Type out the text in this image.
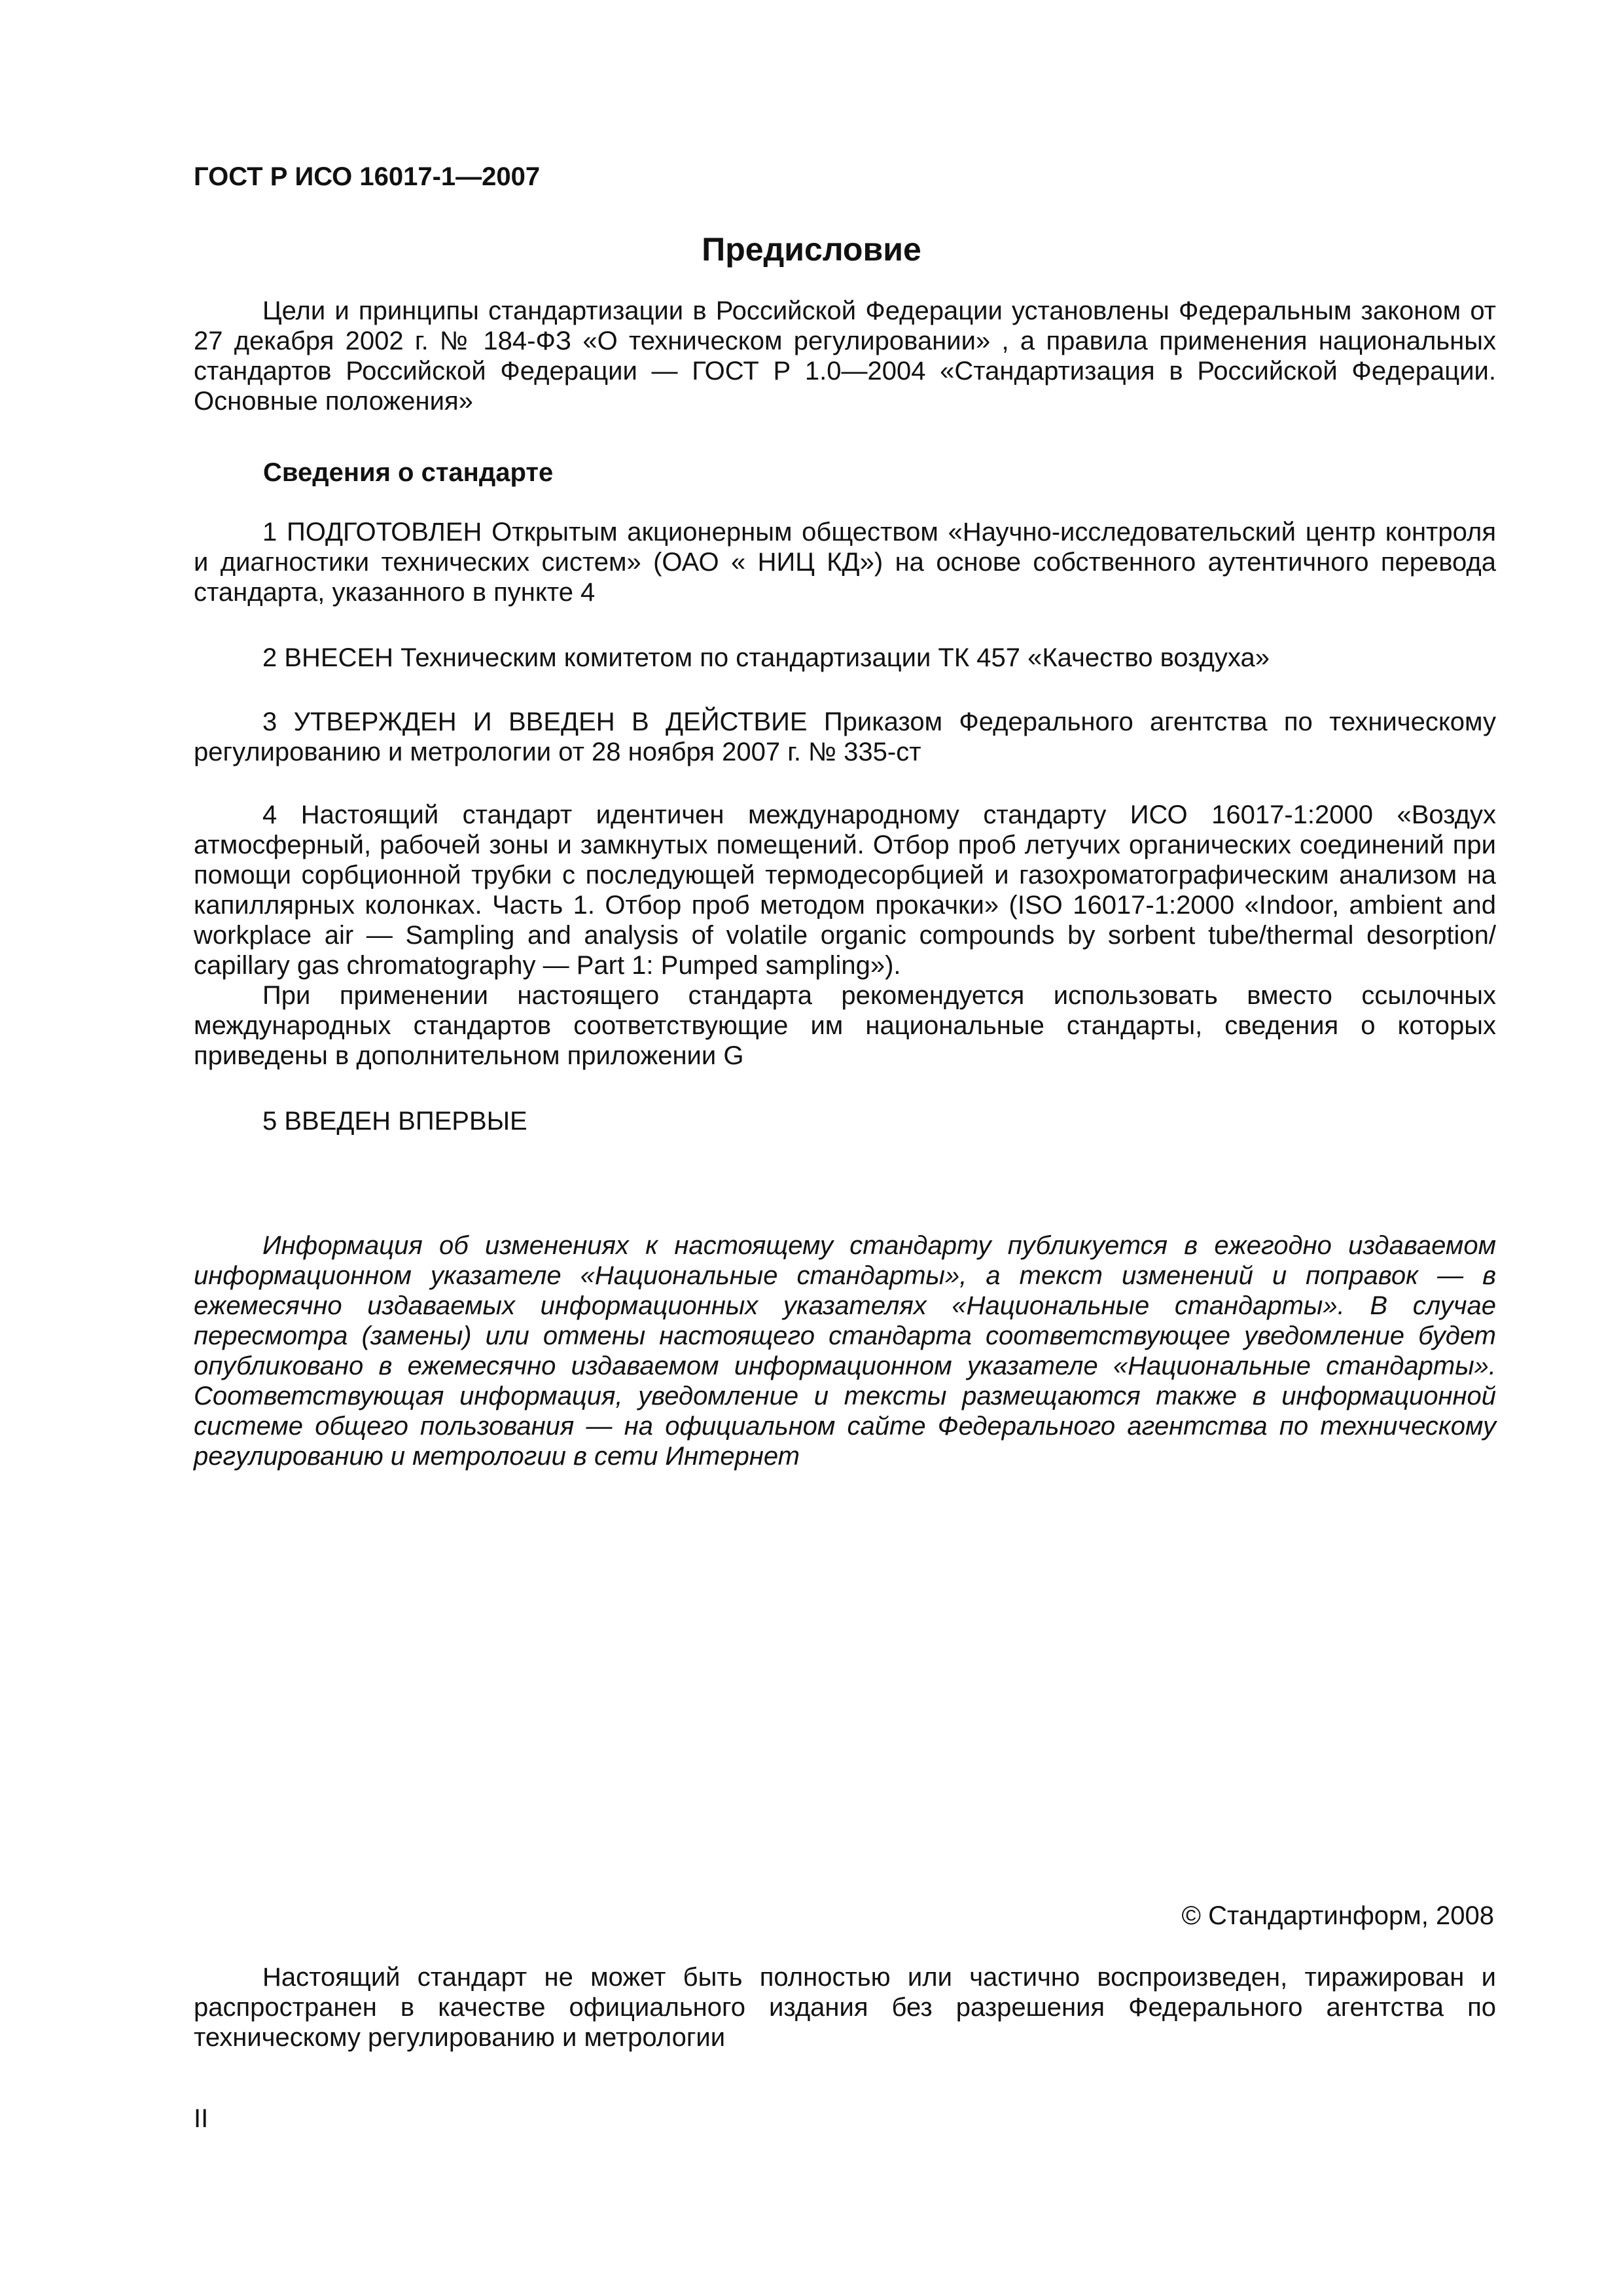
ГОСТ Р ИСО 16017-1—2007
Предисловие
Цели и принципы стандартизации в Российской Федерации установлены Федеральным законом от 27 декабря 2002 г. № 184-ФЗ «О техническом регулировании» , а правила применения национальных стандартов Российской Федерации — ГОСТ Р 1.0—2004 «Стандартизация в Российской Федерации. Основные положения»
Сведения о стандарте
1 ПОДГОТОВЛЕН Открытым акционерным обществом «Научно-исследовательский центр контроля и диагностики технических систем» (ОАО « НИЦ КД») на основе собственного аутентичного перевода стандарта, указанного в пункте 4
2 ВНЕСЕН Техническим комитетом по стандартизации ТК 457 «Качество воздуха»
3 УТВЕРЖДЕН И ВВЕДЕН В ДЕЙСТВИЕ Приказом Федерального агентства по техническому регулированию и метрологии от 28 ноября 2007 г. № 335-ст
4 Настоящий стандарт идентичен международному стандарту ИСО 16017-1:2000 «Воздух атмосферный, рабочей зоны и замкнутых помещений. Отбор проб летучих органических соединений при помощи сорбционной трубки с последующей термодесорбцией и газохроматографическим анализом на капиллярных колонках. Часть 1. Отбор проб методом прокачки» (ISO 16017-1:2000 «Indoor, ambient and workplace air — Sampling and analysis of volatile organic compounds by sorbent tube/thermal desorption/ capillary gas chromatography — Part 1: Pumped sampling»).
При применении настоящего стандарта рекомендуется использовать вместо ссылочных международных стандартов соответствующие им национальные стандарты, сведения о которых приведены в дополнительном приложении G
5 ВВЕДЕН ВПЕРВЫЕ
Информация об изменениях к настоящему стандарту публикуется в ежегодно издаваемом информационном указателе «Национальные стандарты», а текст изменений и поправок — в ежемесячно издаваемых информационных указателях «Национальные стандарты». В случае пересмотра (замены) или отмены настоящего стандарта соответствующее уведомление будет опубликовано в ежемесячно издаваемом информационном указателе «Национальные стандарты». Соответствующая информация, уведомление и тексты размещаются также в информационной системе общего пользования — на официальном сайте Федерального агентства по техническому регулированию и метрологии в сети Интернет
© Стандартинформ, 2008
Настоящий стандарт не может быть полностью или частично воспроизведен, тиражирован и распространен в качестве официального издания без разрешения Федерального агентства по техническому регулированию и метрологии
II
